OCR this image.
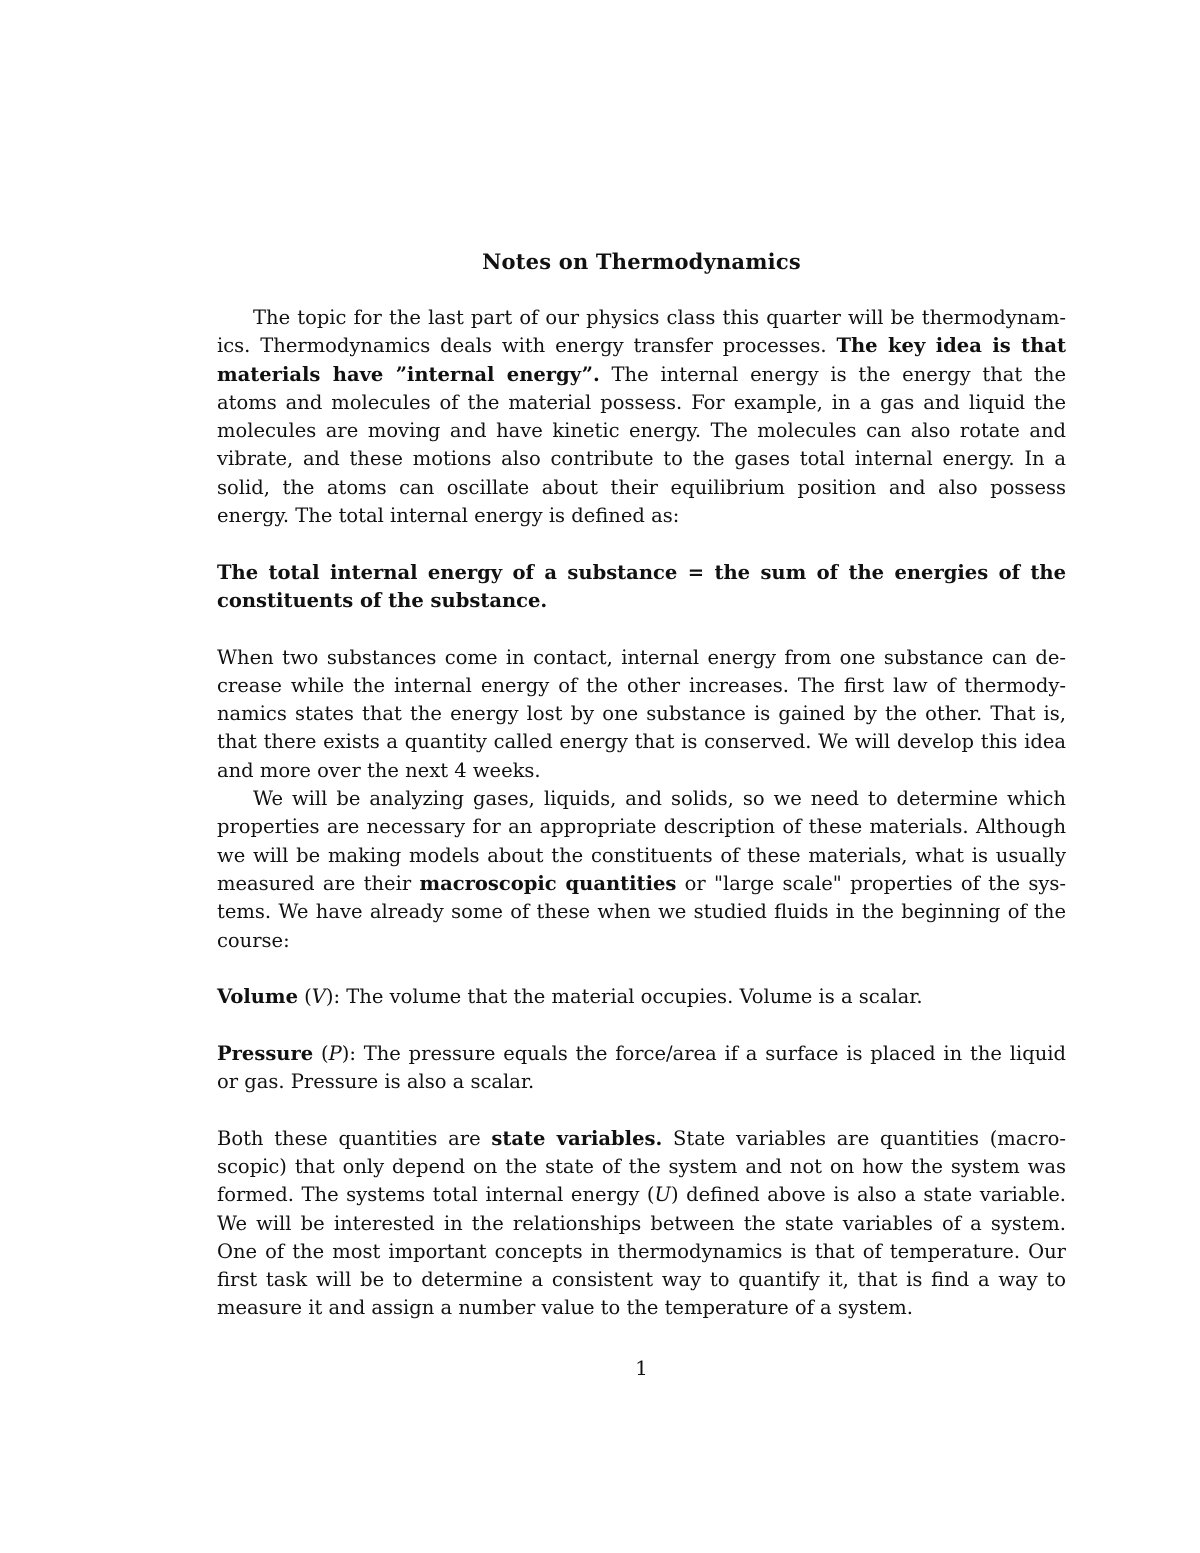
Notes on Thermodynamics

The topic for the last part of our physics class this quarter will be thermodynam-ics. Thermodynamics deals with energy transfer processes. The key idea is that materials have ”internal energy”. The internal energy is the energy that the atoms and molecules of the material possess. For example, in a gas and liquid the molecules are moving and have kinetic energy. The molecules can also rotate and vibrate, and these motions also contribute to the gases total internal energy. In a solid, the atoms can oscillate about their equilibrium position and also possess energy. The total internal energy is defined as:

The total internal energy of a substance = the sum of the energies of the constituents of the substance.

When two substances come in contact, internal energy from one substance can de-crease while the internal energy of the other increases. The first law of thermody-namics states that the energy lost by one substance is gained by the other. That is, that there exists a quantity called energy that is conserved. We will develop this idea and more over the next 4 weeks.

We will be analyzing gases, liquids, and solids, so we need to determine which properties are necessary for an appropriate description of these materials. Although we will be making models about the constituents of these materials, what is usually measured are their macroscopic quantities or "large scale" properties of the sys-tems. We have already some of these when we studied fluids in the beginning of the course:

Volume (V): The volume that the material occupies. Volume is a scalar.

Pressure (P): The pressure equals the force/area if a surface is placed in the liquid or gas. Pressure is also a scalar.

Both these quantities are state variables. State variables are quantities (macro-scopic) that only depend on the state of the system and not on how the system was formed. The systems total internal energy (U) defined above is also a state variable. We will be interested in the relationships between the state variables of a system. One of the most important concepts in thermodynamics is that of temperature. Our first task will be to determine a consistent way to quantify it, that is find a way to measure it and assign a number value to the temperature of a system.

1
